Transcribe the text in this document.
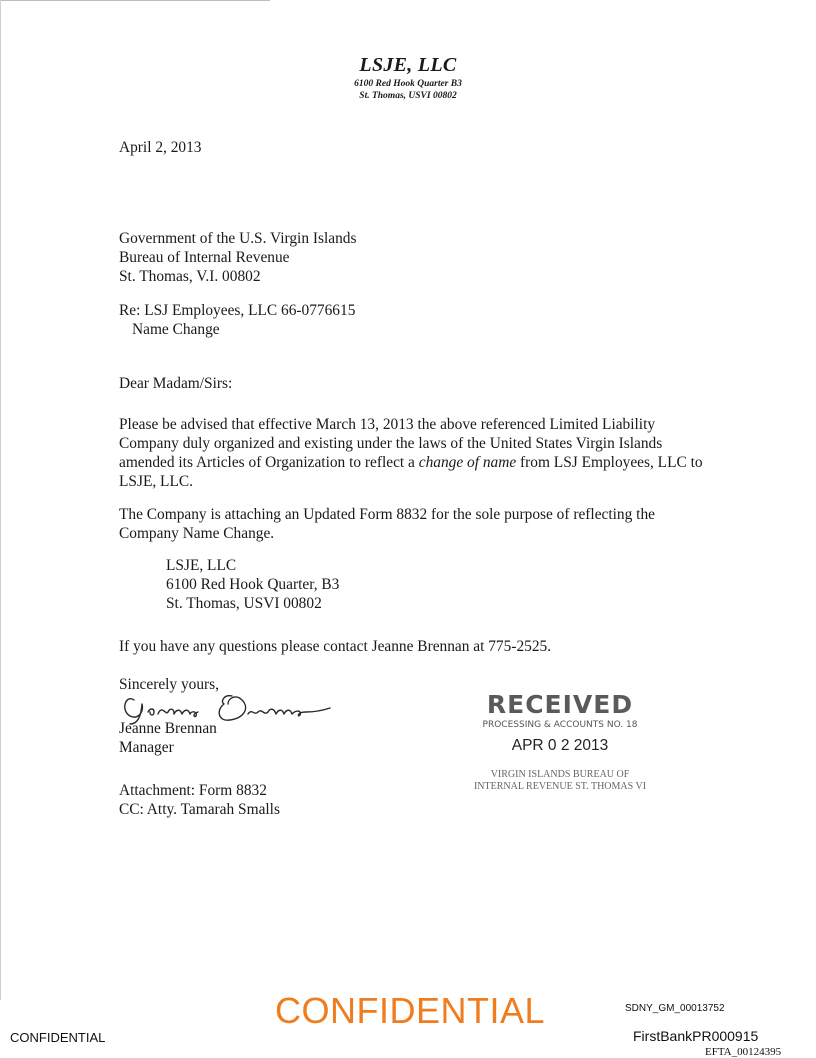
LSJE, LLC
6100 Red Hook Quarter B3
St. Thomas, USVI 00802
April 2, 2013
Government of the U.S. Virgin Islands
Bureau of Internal Revenue
St. Thomas, V.I. 00802
Re: LSJ Employees, LLC 66-0776615
Name Change
Dear Madam/Sirs:
Please be advised that effective March 13, 2013 the above referenced Limited Liability Company duly organized and existing under the laws of the United States Virgin Islands amended its Articles of Organization to reflect a change of name from LSJ Employees, LLC to LSJE, LLC.
The Company is attaching an Updated Form 8832 for the sole purpose of reflecting the Company Name Change.
LSJE, LLC
6100 Red Hook Quarter, B3
St. Thomas, USVI 00802
If you have any questions please contact Jeanne Brennan at 775-2525.
Sincerely yours,
Jeanne Brennan
Manager
Attachment: Form 8832
CC: Atty. Tamarah Smalls
RECEIVED
PROCESSING & ACCOUNTS NO. 18
APR 0 2 2013
VIRGIN ISLANDS BUREAU OF
INTERNAL REVENUE ST. THOMAS VI
CONFIDENTIAL
CONFIDENTIAL
SDNY_GM_00013752
FirstBankPR000915
EFTA_00124395
